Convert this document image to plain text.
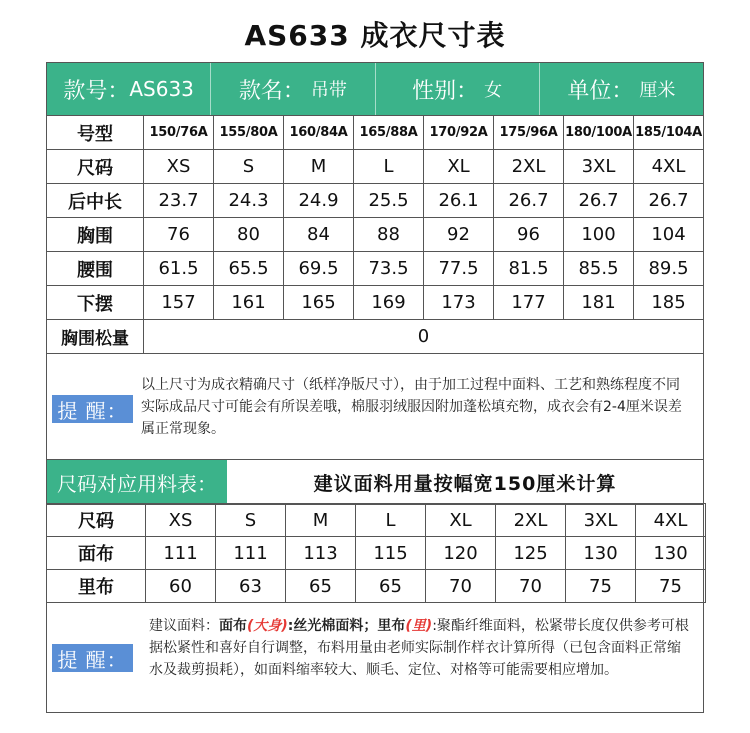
AS633 成衣尺寸表
款号： AS633 款名： 吊带	性别： 女	单位： 厘米
号型	150/76A	155/80A	160/84A	165/88A	170/92A	175/96A	180/100A	185/104A
尺码	XS	S	M	L	XL	2XL	3XL	4XL
后中长	23.7	24.3	24.9	25.5	26.1	26.7	26.7	26.7
胸围	76	80	84	88	92	96	100	104
腰围	61.5	65.5	69.5	73.5	77.5	81.5	85.5	89.5
下摆	157	161	165	169	173	177	181	185
胸围松量	0							
提 醒：
以上尺寸为成衣精确尺寸（纸样净版尺寸），由于加工过程中面料、工艺和熟练程度不同实际成品尺寸可能会有所误差哦，棉服羽绒服因附加蓬松填充物，成衣会有2-4厘米误差属正常现象。
尺码对应用料表：	建议面料用量按幅宽150厘米计算
尺码	XS	S	M	L	XL	2XL	3XL	4XL
面布	111	111	113	115	120	125	130	130
里布	60	63	65	65	70	70	75	75
提 醒：
建议面料：面布(大身):丝光棉面料；里布(里):聚酯纤维面料，松紧带长度仅供参考可根据松紧性和喜好自行调整，布料用量由老师实际制作样衣计算所得（已包含面料正常缩水及裁剪损耗），如面料缩率较大、顺毛、定位、对格等可能需要相应增加。
